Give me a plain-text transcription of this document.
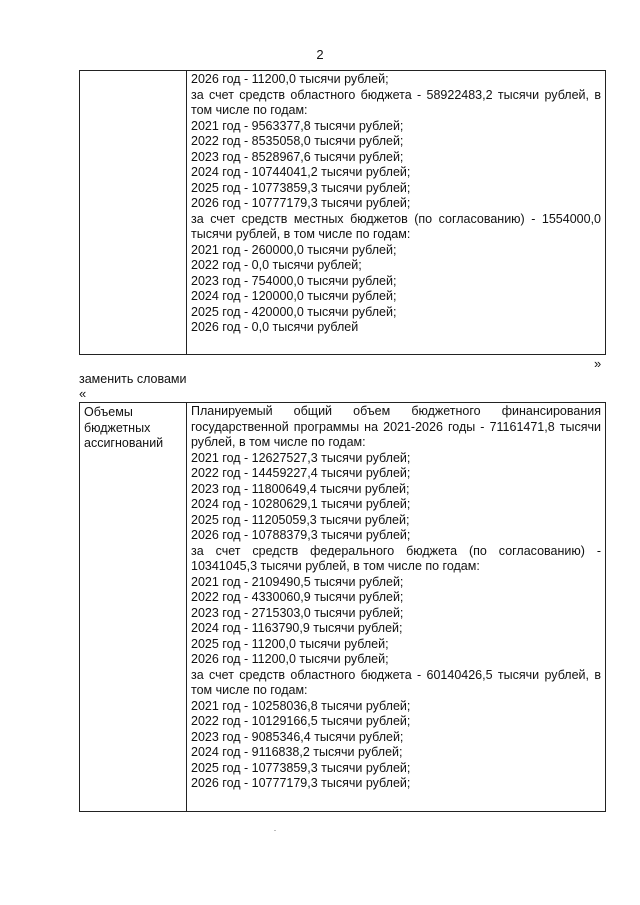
2

2026 год - 11200,0 тысячи рублей;
за счет средств областного бюджета - 58922483,2 тысячи рублей, в том числе по годам:
2021 год - 9563377,8 тысячи рублей;
2022 год - 8535058,0 тысячи рублей;
2023 год - 8528967,6 тысячи рублей;
2024 год - 10744041,2 тысячи рублей;
2025 год - 10773859,3 тысячи рублей;
2026 год - 10777179,3 тысячи рублей;
за счет средств местных бюджетов (по согласованию) - 1554000,0 тысячи рублей, в том числе по годам:
2021 год - 260000,0 тысячи рублей;
2022 год - 0,0 тысячи рублей;
2023 год - 754000,0 тысячи рублей;
2024 год - 120000,0 тысячи рублей;
2025 год - 420000,0 тысячи рублей;
2026 год - 0,0 тысячи рублей
»
заменить словами
«
Объемы бюджетных ассигнований

Планируемый общий объем бюджетного финансирования государственной программы на 2021-2026 годы - 71161471,8 тысячи рублей, в том числе по годам:
2021 год - 12627527,3 тысячи рублей;
2022 год - 14459227,4 тысячи рублей;
2023 год - 11800649,4 тысячи рублей;
2024 год - 10280629,1 тысячи рублей;
2025 год - 11205059,3 тысячи рублей;
2026 год - 10788379,3 тысячи рублей;
за счет средств федерального бюджета (по согласованию) - 10341045,3 тысячи рублей, в том числе по годам:
2021 год - 2109490,5 тысячи рублей;
2022 год - 4330060,9 тысячи рублей;
2023 год - 2715303,0 тысячи рублей;
2024 год - 1163790,9 тысячи рублей;
2025 год - 11200,0 тысячи рублей;
2026 год - 11200,0 тысячи рублей;
за счет средств областного бюджета - 60140426,5 тысячи рублей, в том числе по годам:
2021 год - 10258036,8 тысячи рублей;
2022 год - 10129166,5 тысячи рублей;
2023 год - 9085346,4 тысячи рублей;
2024 год - 9116838,2 тысячи рублей;
2025 год - 10773859,3 тысячи рублей;
2026 год - 10777179,3 тысячи рублей;
